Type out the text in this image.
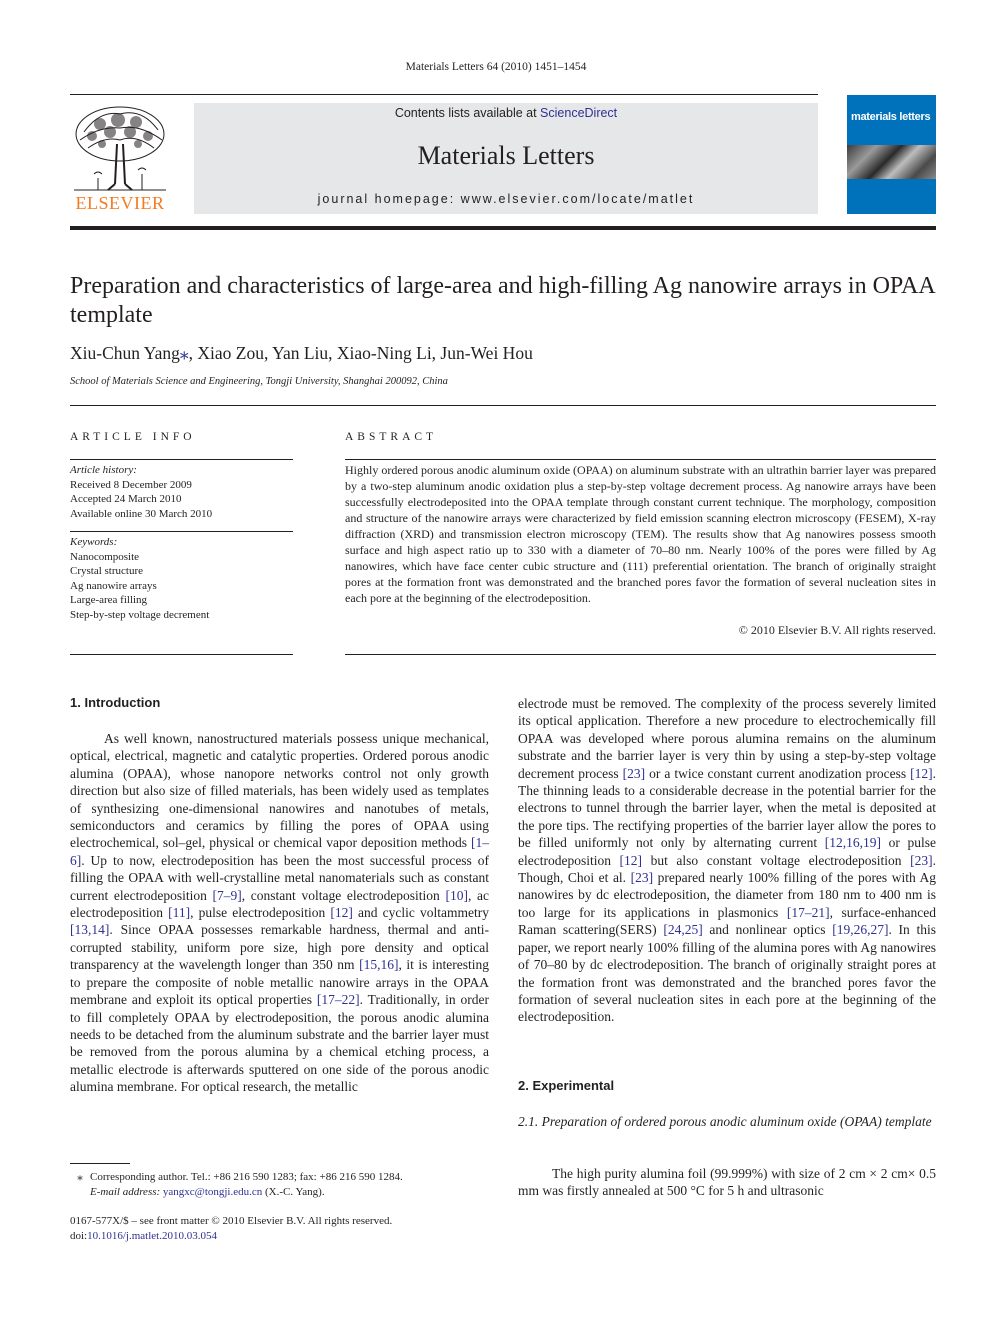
Materials Letters 64 (2010) 1451–1454
ELSEVIER
Contents lists available at ScienceDirect
Materials Letters
journal homepage: www.elsevier.com/locate/matlet
materials letters
Preparation and characteristics of large-area and high-filling Ag nanowire arrays in OPAA template
Xiu-Chun Yang⁎, Xiao Zou, Yan Liu, Xiao-Ning Li, Jun-Wei Hou
School of Materials Science and Engineering, Tongji University, Shanghai 200092, China
ARTICLE INFO
Article history:
Received 8 December 2009
Accepted 24 March 2010
Available online 30 March 2010
Keywords:
Nanocomposite
Crystal structure
Ag nanowire arrays
Large-area filling
Step-by-step voltage decrement
ABSTRACT
Highly ordered porous anodic aluminum oxide (OPAA) on aluminum substrate with an ultrathin barrier layer was prepared by a two-step aluminum anodic oxidation plus a step-by-step voltage decrement process. Ag nanowire arrays have been successfully electrodeposited into the OPAA template through constant current technique. The morphology, composition and structure of the nanowire arrays were characterized by field emission scanning electron microscopy (FESEM), X-ray diffraction (XRD) and transmission electron microscopy (TEM). The results show that Ag nanowires possess smooth surface and high aspect ratio up to 330 with a diameter of 70–80 nm. Nearly 100% of the pores were filled by Ag nanowires, which have face center cubic structure and (111) preferential orientation. The branch of originally straight pores at the formation front was demonstrated and the branched pores favor the formation of several nucleation sites in each pore at the beginning of the electrodeposition.
© 2010 Elsevier B.V. All rights reserved.
1. Introduction

As well known, nanostructured materials possess unique mechanical, optical, electrical, magnetic and catalytic properties. Ordered porous anodic alumina (OPAA), whose nanopore networks control not only growth direction but also size of filled materials, has been widely used as templates of synthesizing one-dimensional nanowires and nanotubes of metals, semiconductors and ceramics by filling the pores of OPAA using electrochemical, sol–gel, physical or chemical vapor deposition methods [1–6]. Up to now, electrodeposition has been the most successful process of filling the OPAA with well-crystalline metal nanomaterials such as constant current electrodeposition [7–9], constant voltage electrodeposition [10], ac electrodeposition [11], pulse electrodeposition [12] and cyclic voltammetry [13,14]. Since OPAA possesses remarkable hardness, thermal and anti-corrupted stability, uniform pore size, high pore density and optical transparency at the wavelength longer than 350 nm [15,16], it is interesting to prepare the composite of noble metallic nanowire arrays in the OPAA membrane and exploit its optical properties [17–22]. Traditionally, in order to fill completely OPAA by electrodeposition, the porous anodic alumina needs to be detached from the aluminum substrate and the barrier layer must be removed from the porous alumina by a chemical etching process, a metallic electrode is afterwards sputtered on one side of the porous anodic alumina membrane. For optical research, the metallic

electrode must be removed. The complexity of the process severely limited its optical application. Therefore a new procedure to electrochemically fill OPAA was developed where porous alumina remains on the aluminum substrate and the barrier layer is very thin by using a step-by-step voltage decrement process [23] or a twice constant current anodization process [12]. The thinning leads to a considerable decrease in the potential barrier for the electrons to tunnel through the barrier layer, when the metal is deposited at the pore tips. The rectifying properties of the barrier layer allow the pores to be filled uniformly not only by alternating current [12,16,19] or pulse electrodeposition [12] but also constant voltage electrodeposition [23]. Though, Choi et al. [23] prepared nearly 100% filling of the pores with Ag nanowires by dc electrodeposition, the diameter from 180 nm to 400 nm is too large for its applications in plasmonics [17–21], surface-enhanced Raman scattering(SERS) [24,25] and nonlinear optics [19,26,27]. In this paper, we report nearly 100% filling of the alumina pores with Ag nanowires of 70–80 by dc electrodeposition. The branch of originally straight pores at the formation front was demonstrated and the branched pores favor the formation of several nucleation sites in each pore at the beginning of the electrodeposition.

2. Experimental
2.1. Preparation of ordered porous anodic aluminum oxide (OPAA) template

The high purity alumina foil (99.999%) with size of 2 cm × 2 cm× 0.5 mm was firstly annealed at 500 °C for 5 h and ultrasonic

⁎ Corresponding author. Tel.: +86 216 590 1283; fax: +86 216 590 1284.
E-mail address: yangxc@tongji.edu.cn (X.-C. Yang).
0167-577X/$ – see front matter © 2010 Elsevier B.V. All rights reserved.
doi:10.1016/j.matlet.2010.03.054
